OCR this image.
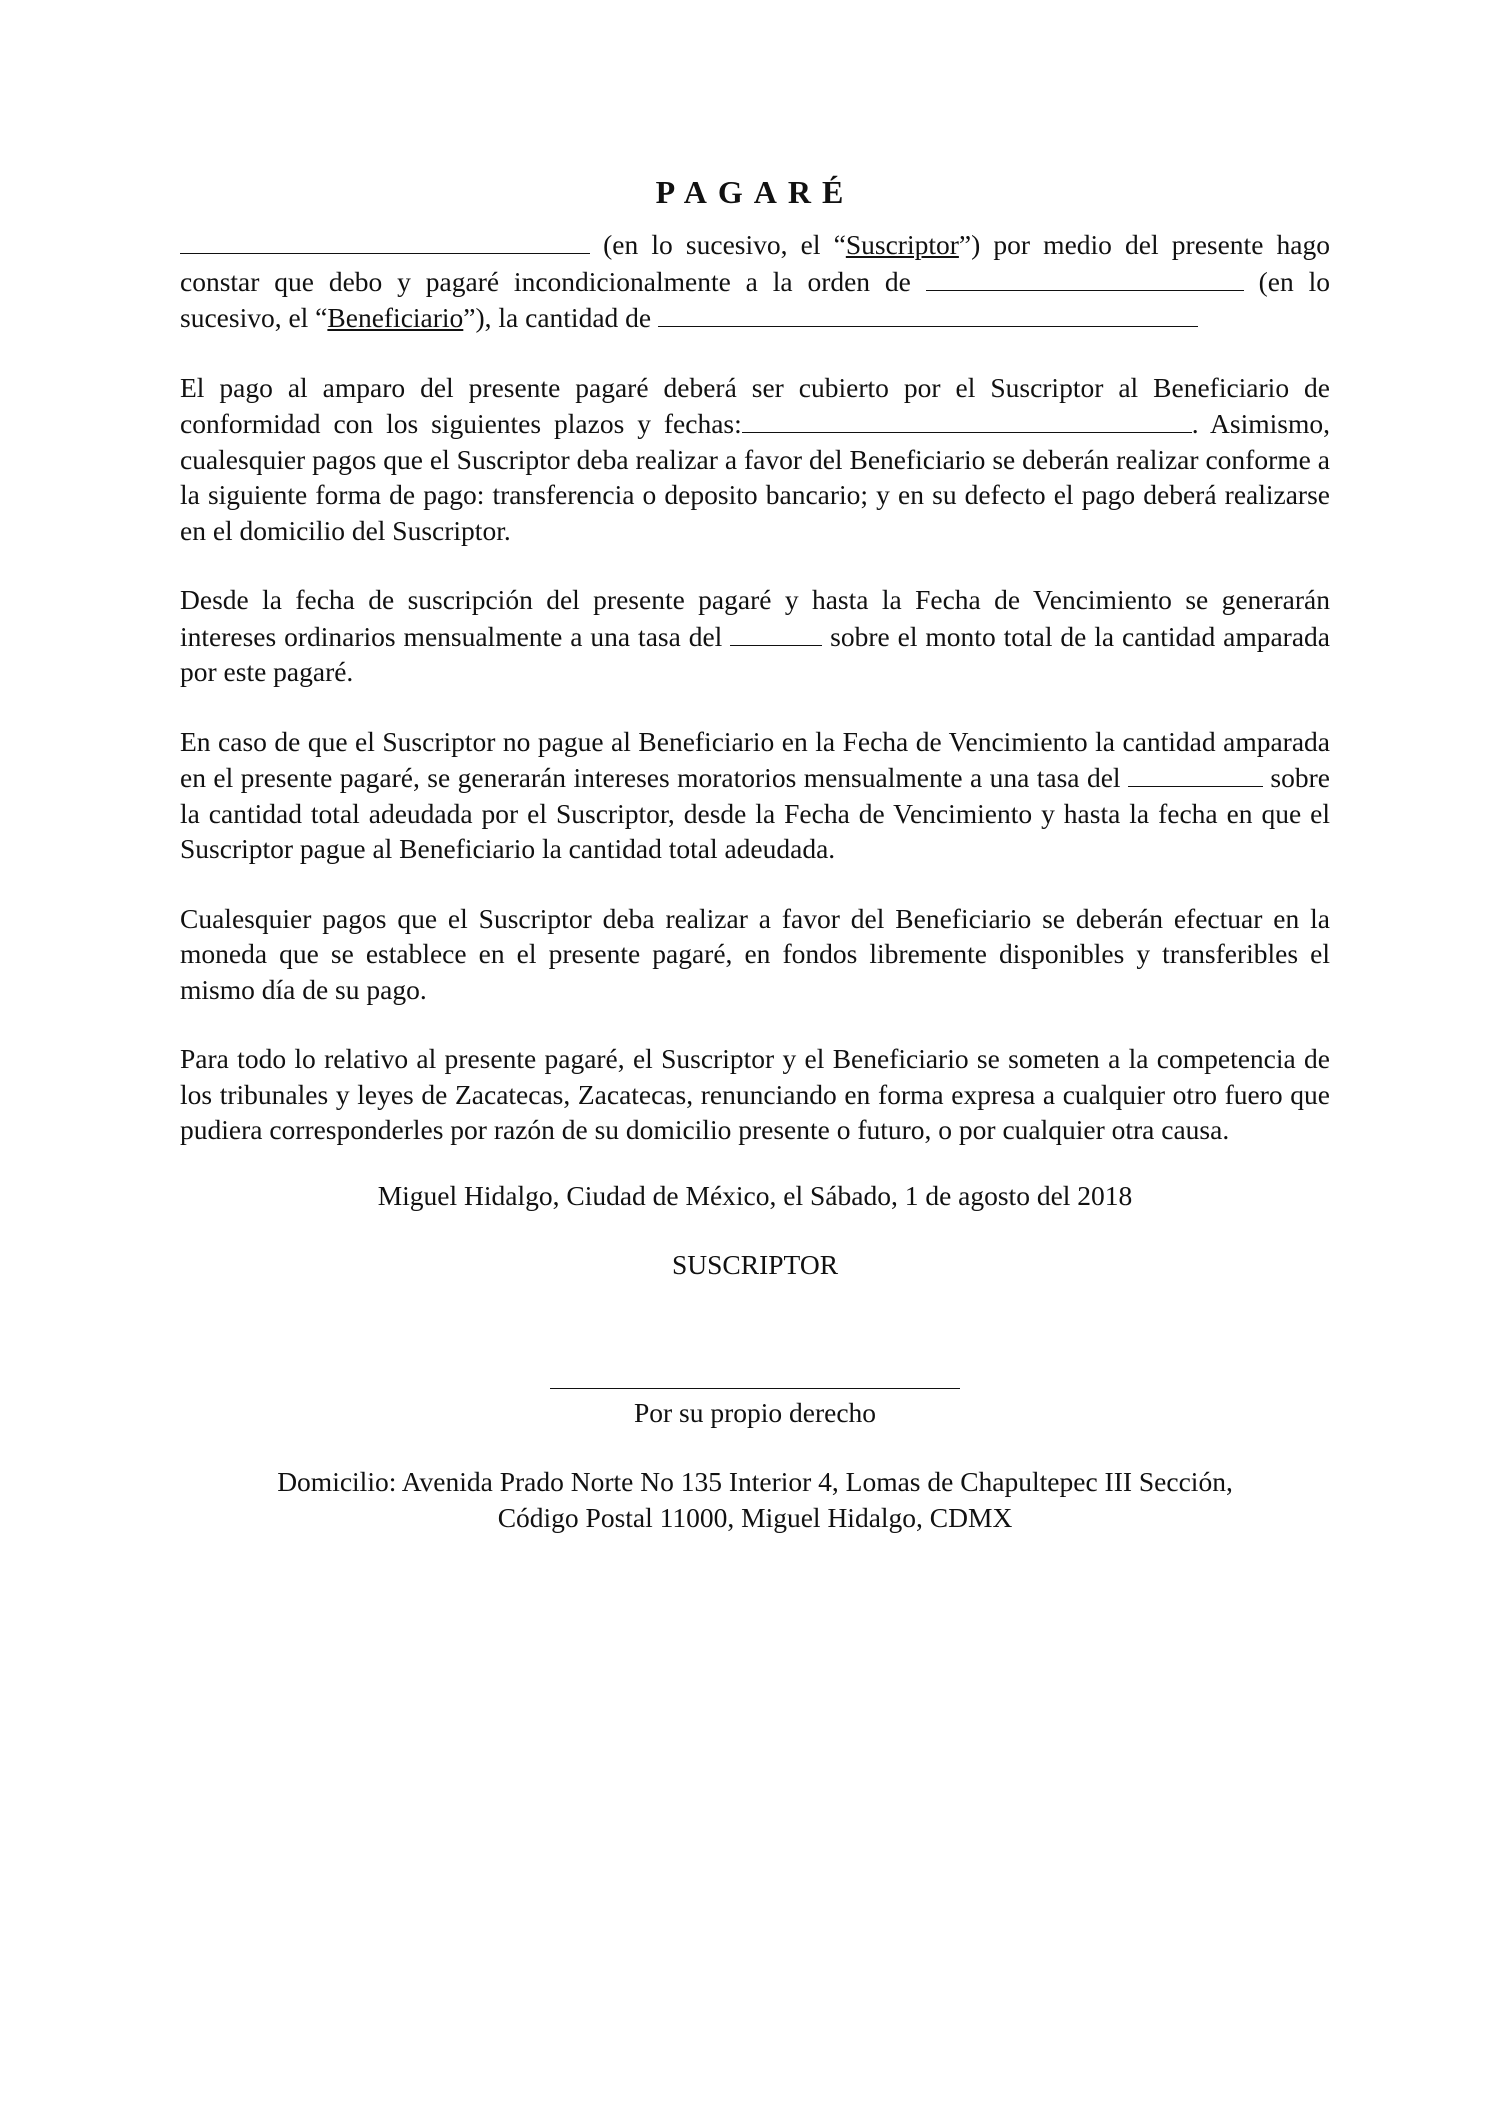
PAGARÉ

(en lo sucesivo, el “Suscriptor”) por medio del presente hago constar que debo y pagaré incondicionalmente a la orden de	(en lo sucesivo, el “Beneficiario”), la cantidad de

El pago al amparo del presente pagaré deberá ser cubierto por el Suscriptor al Beneficiario de conformidad con los siguientes plazos y fechas:	. Asimismo, cualesquier pagos que el Suscriptor deba realizar a favor del Beneficiario se deberán realizar conforme a la siguiente forma de pago: transferencia o deposito bancario; y en su defecto el pago deberá realizarse en el domicilio del Suscriptor.

Desde la fecha de suscripción del presente pagaré y hasta la Fecha de Vencimiento se generarán intereses ordinarios mensualmente a una tasa del	sobre el monto total de la cantidad amparada por este pagaré.

En caso de que el Suscriptor no pague al Beneficiario en la Fecha de Vencimiento la cantidad amparada en el presente pagaré, se generarán intereses moratorios mensualmente a una tasa del	sobre la cantidad total adeudada por el Suscriptor, desde la Fecha de Vencimiento y hasta la fecha en que el Suscriptor pague al Beneficiario la cantidad total adeudada.

Cualesquier pagos que el Suscriptor deba realizar a favor del Beneficiario se deberán efectuar en la moneda que se establece en el presente pagaré, en fondos libremente disponibles y transferibles el mismo día de su pago.

Para todo lo relativo al presente pagaré, el Suscriptor y el Beneficiario se someten a la competencia de los tribunales y leyes de Zacatecas, Zacatecas, renunciando en forma expresa a cualquier otro fuero que pudiera corresponderles por razón de su domicilio presente o futuro, o por cualquier otra causa.

Miguel Hidalgo, Ciudad de México, el Sábado, 1 de agosto del 2018

SUSCRIPTOR

Por su propio derecho

Domicilio: Avenida Prado Norte No 135 Interior 4, Lomas de Chapultepec III Sección,

Código Postal 11000, Miguel Hidalgo, CDMX
